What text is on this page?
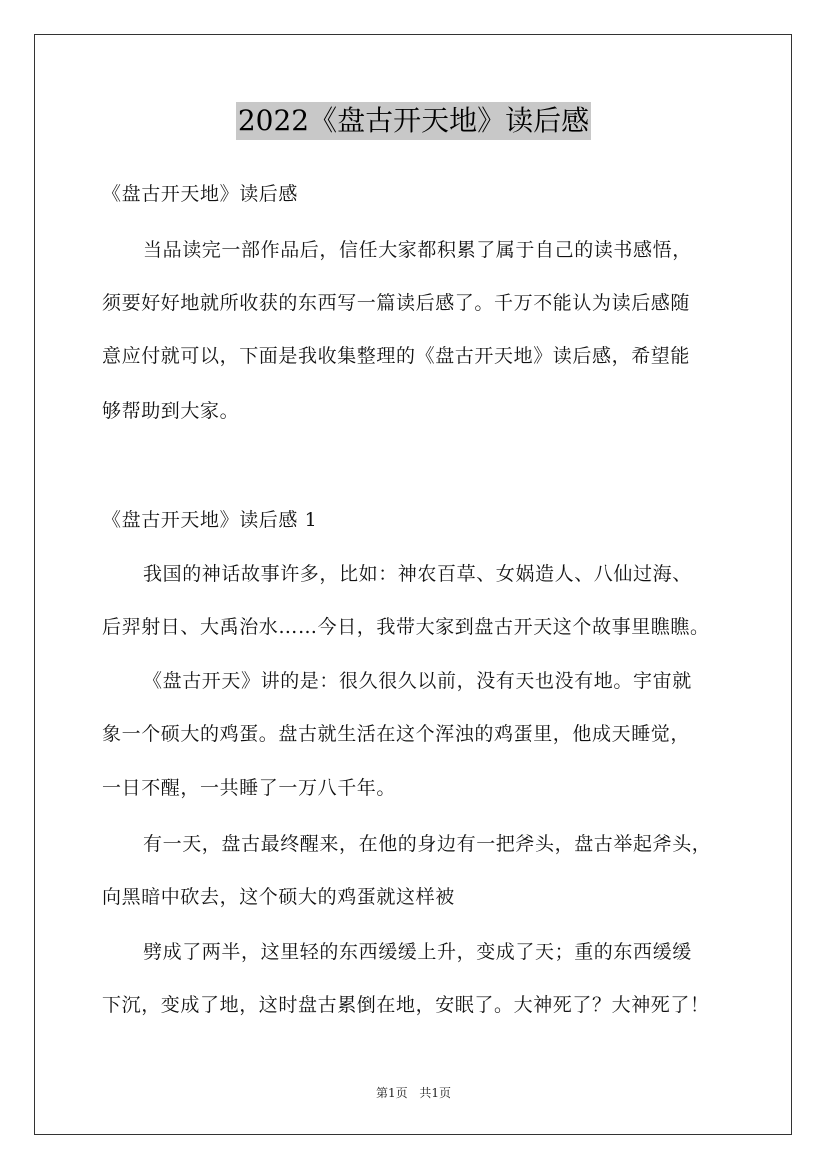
2022《盘古开天地》读后感
《盘古开天地》读后感
当品读完一部作品后，信任大家都积累了属于自己的读书感悟，
须要好好地就所收获的东西写一篇读后感了。千万不能认为读后感随
意应付就可以，下面是我收集整理的《盘古开天地》读后感，希望能
够帮助到大家。
《盘古开天地》读后感 1
我国的神话故事许多，比如：神农百草、女娲造人、八仙过海、
后羿射日、大禹治水……今日，我带大家到盘古开天这个故事里瞧瞧。
《盘古开天》讲的是：很久很久以前，没有天也没有地。宇宙就
象一个硕大的鸡蛋。盘古就生活在这个浑浊的鸡蛋里，他成天睡觉，
一日不醒，一共睡了一万八千年。
有一天，盘古最终醒来，在他的身边有一把斧头，盘古举起斧头，
向黑暗中砍去，这个硕大的鸡蛋就这样被
劈成了两半，这里轻的东西缓缓上升，变成了天；重的东西缓缓
下沉，变成了地，这时盘古累倒在地，安眠了。大神死了？大神死了！
第1页 共1页
